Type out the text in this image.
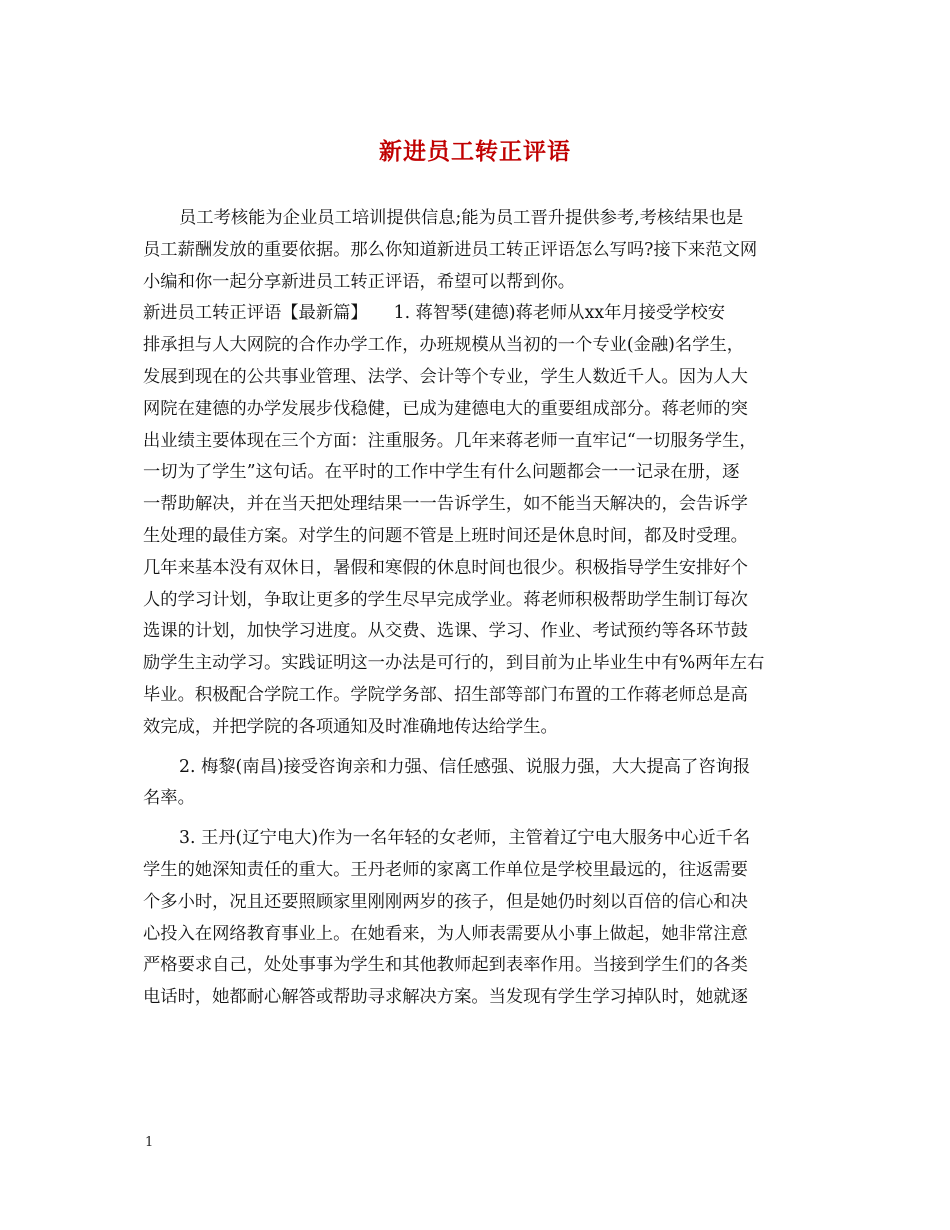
新进员工转正评语
员工考核能为企业员工培训提供信息;能为员工晋升提供参考,考核结果也是
员工薪酬发放的重要依据。那么你知道新进员工转正评语怎么写吗?接下来范文网
小编和你一起分享新进员工转正评语，希望可以帮到你。
新进员工转正评语【最新篇】　　1. 蒋智琴(建德)蒋老师从xx年月接受学校安
排承担与人大网院的合作办学工作，办班规模从当初的一个专业(金融)名学生，
发展到现在的公共事业管理、法学、会计等个专业，学生人数近千人。因为人大
网院在建德的办学发展步伐稳健，已成为建德电大的重要组成部分。蒋老师的突
出业绩主要体现在三个方面：注重服务。几年来蒋老师一直牢记“一切服务学生，
一切为了学生”这句话。在平时的工作中学生有什么问题都会一一记录在册，逐
一帮助解决，并在当天把处理结果一一告诉学生，如不能当天解决的，会告诉学
生处理的最佳方案。对学生的问题不管是上班时间还是休息时间，都及时受理。
几年来基本没有双休日，暑假和寒假的休息时间也很少。积极指导学生安排好个
人的学习计划，争取让更多的学生尽早完成学业。蒋老师积极帮助学生制订每次
选课的计划，加快学习进度。从交费、选课、学习、作业、考试预约等各环节鼓
励学生主动学习。实践证明这一办法是可行的，到目前为止毕业生中有%两年左右
毕业。积极配合学院工作。学院学务部、招生部等部门布置的工作蒋老师总是高
效完成，并把学院的各项通知及时准确地传达给学生。
2. 梅黎(南昌)接受咨询亲和力强、信任感强、说服力强，大大提高了咨询报
名率。
3. 王丹(辽宁电大)作为一名年轻的女老师，主管着辽宁电大服务中心近千名
学生的她深知责任的重大。王丹老师的家离工作单位是学校里最远的，往返需要
个多小时，况且还要照顾家里刚刚两岁的孩子，但是她仍时刻以百倍的信心和决
心投入在网络教育事业上。在她看来，为人师表需要从小事上做起，她非常注意
严格要求自己，处处事事为学生和其他教师起到表率作用。当接到学生们的各类
电话时，她都耐心解答或帮助寻求解决方案。当发现有学生学习掉队时，她就逐
1
